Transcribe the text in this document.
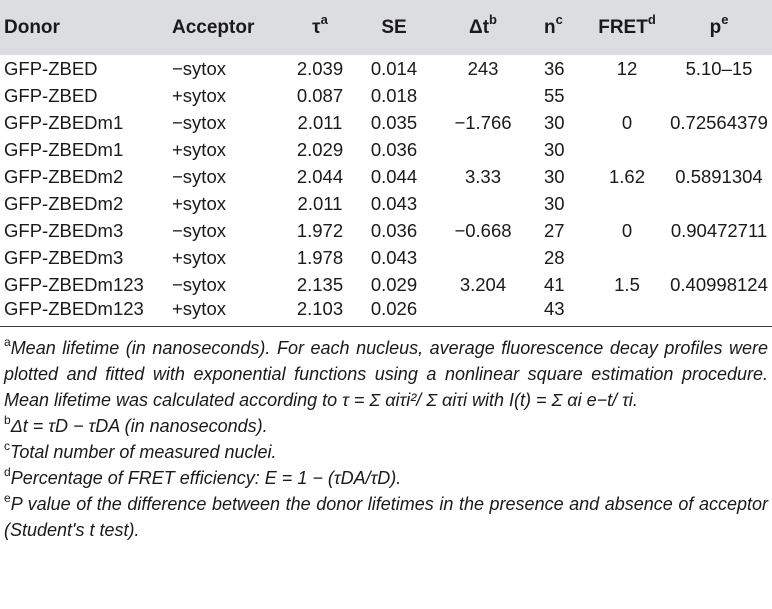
Donor	Acceptor	$\tau^a$	SE	$\Delta t^b$	$n^c$	FRET$^d$	$p^e$
GFP-ZBED	−sytox	2.039	0.014	243	36	12	5.10–15
GFP-ZBED	+sytox	0.087	0.018		55		
GFP-ZBEDm1	−sytox	2.011	0.035	−1.766	30	0	0.72564379
GFP-ZBEDm1	+sytox	2.029	0.036		30		
GFP-ZBEDm2	−sytox	2.044	0.044	3.33	30	1.62	0.5891304
GFP-ZBEDm2	+sytox	2.011	0.043		30		
GFP-ZBEDm3	−sytox	1.972	0.036	−0.668	27	0	0.90472711
GFP-ZBEDm3	+sytox	1.978	0.043		28		
GFP-ZBEDm123	−sytox	2.135	0.029	3.204	41	1.5	0.40998124
GFP-ZBEDm123	+sytox	2.103	0.026		43		

$^a$Mean lifetime (in nanoseconds). For each nucleus, average fluorescence decay profiles were plotted and fitted with exponential functions using a nonlinear square estimation procedure. Mean lifetime was calculated according to τ = Σ αiτi²/ Σ αiτi with I(t) = Σ αi e−t/ τi.

$^b$Δt = τD − τDA (in nanoseconds).

$^c$Total number of measured nuclei.

$^d$Percentage of FRET efficiency: E = 1 − (τDA/τD).

$^e$P value of the difference between the donor lifetimes in the presence and absence of acceptor (Student's t test).
